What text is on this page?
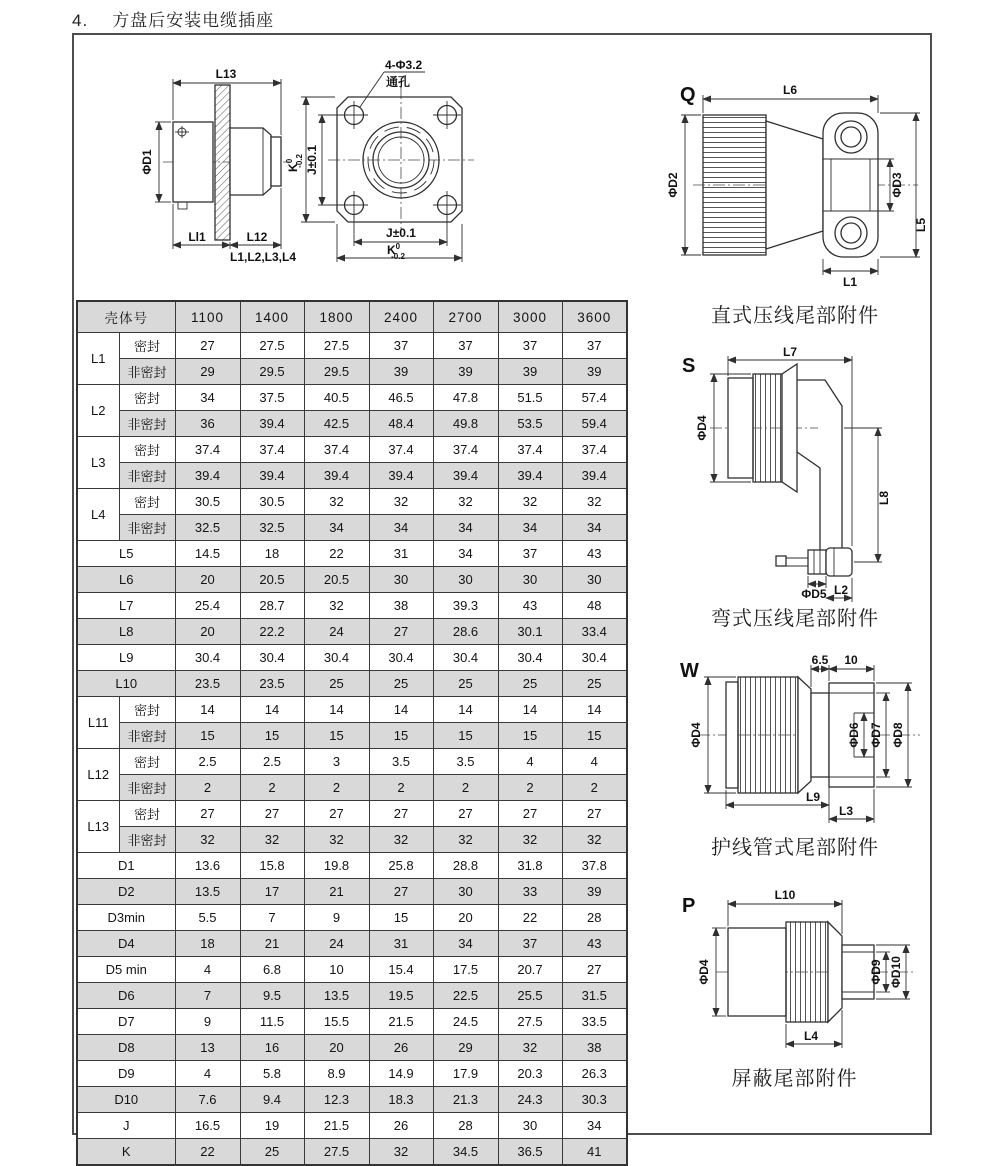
4. 方盘后安装电缆插座
L13
ΦD1
Ll1	L12
L1,L2,L3,L4
4-Φ3.2
通孔
$K^0-0.2$ J±0.1
J±0.1
$K^0$ -0.2
壳体号		1100	1400	1800	2400	2700	3000	3600
L1	密封	27	27.5	27.5	37	37	37	37
	非密封	29	29.5	29.5	39	39	39	39
L2	密封	34	37.5	40.5	46.5	47.8	51.5	57.4
	非密封	36	39.4	42.5	48.4	49.8	53.5	59.4
L3	密封	37.4	37.4	37.4	37.4	37.4	37.4	37.4
	非密封	39.4	39.4	39.4	39.4	39.4	39.4	39.4
L4	密封	30.5	30.5	32	32	32	32	32
	非密封	32.5	32.5	34	34	34	34	34
L5		14.5	18	22	31	34	37	43
L6		20	20.5	20.5	30	30	30	30
L7		25.4	28.7	32	38	39.3	43	48
L8		20	22.2	24	27	28.6	30.1	33.4
L9		30.4	30.4	30.4	30.4	30.4	30.4	30.4
L10		23.5	23.5	25	25	25	25	25
L11	密封	14	14	14	14	14	14	14
	非密封	15	15	15	15	15	15	15
L12	密封	2.5	2.5	3	3.5	3.5	4	4
	非密封	2	2	2	2	2	2	2
L13	密封	27	27	27	27	27	27	27
	非密封	32	32	32	32	32	32	32
D1		13.6	15.8	19.8	25.8	28.8	31.8	37.8
D2		13.5	17	21	27	30	33	39
D3min		5.5	7	9	15	20	22	28
D4		18	21	24	31	34	37	43
D5 min		4	6.8	10	15.4	17.5	20.7	27
D6		7	9.5	13.5	19.5	22.5	25.5	31.5
D7		9	11.5	15.5	21.5	24.5	27.5	33.5
D8		13	16	20	26	29	32	38
D9		4	5.8	8.9	14.9	17.9	20.3	26.3
D10		7.6	9.4	12.3	18.3	21.3	24.3	30.3
J		16.5	19	21.5	26	28	30	34
K		22	25	27.5	32	34.5	36.5	41
Q	L6
ΦD2	ΦD3
L5
L1
直式压线尾部附件
S
L7
ΦD4
L8
ΦD5 L2
弯式压线尾部附件
W	6.5 10
ΦD4	ΦD6 ΦD7 ΦD8
L9
L3
护线管式尾部附件
P	L10
ΦD4	ΦD9 ΦD10
L4
屏蔽尾部附件
